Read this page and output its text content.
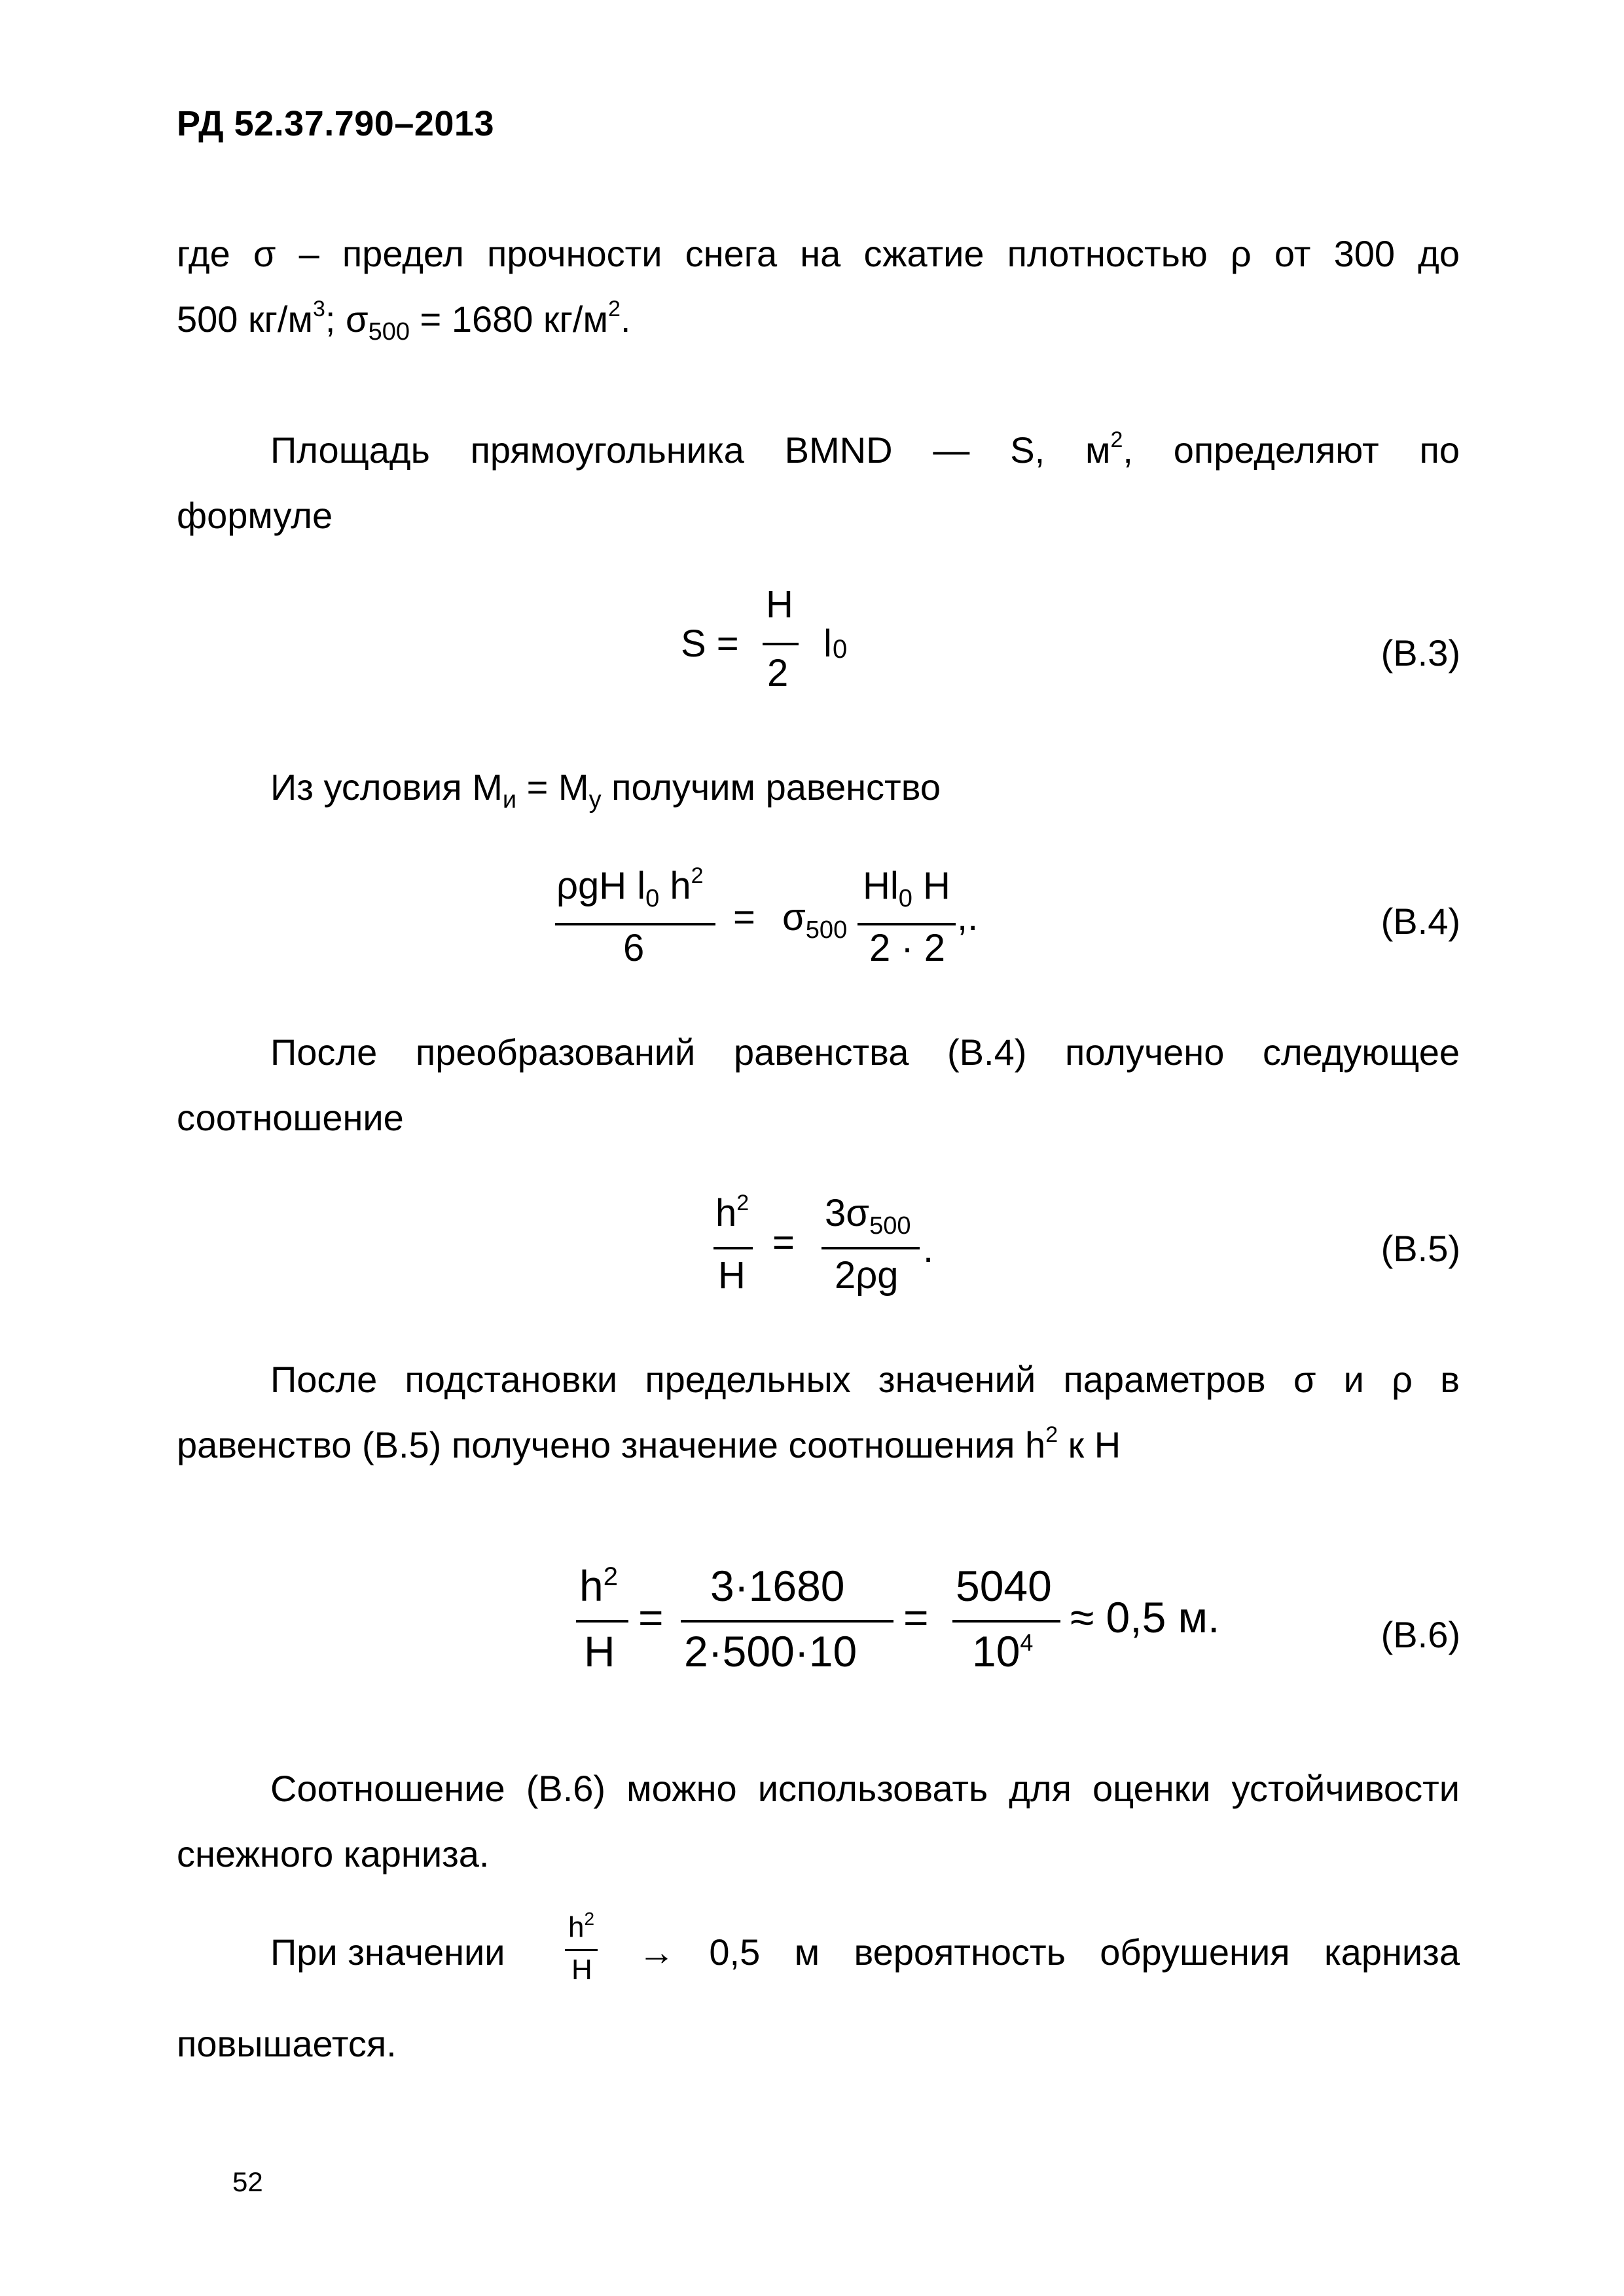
РД 52.37.790–2013
где σ – предел прочности снега на сжатие плотностью ρ от 300 до
500 $кг/м^3$; $\sigma_{500} = 1680$ $кг/м^2$.
Площадь прямоугольника BMND — S, $м^2$, определяют по
формуле
S =
H
2
l 0	(В.3)
Из условия $M_и = M_у$ получим равенство
ρgH $l_0$ $h^2$
6
= $\sigma_{500}$
$Hl_0$ H
2 · 2
,.	(В.4)
После преобразований равенства (В.4) получено следующее
соотношение
$h^2$
H
=
$3\sigma_{500}$
2ρg
.	(В.5)
После подстановки предельных значений параметров σ и ρ в
равенство (В.5) получено значение соотношения $h^2$ к H
$h^2$
H
=
3·1680
2·500·10
=
5040
$10^4$
≈ 0,5 м.	(В.6)
Соотношение (В.6) можно использовать для оценки устойчивости
снежного карниза.
При значении
$h^2$
H → 0,5 м вероятность обрушения карниза
повышается.
52
